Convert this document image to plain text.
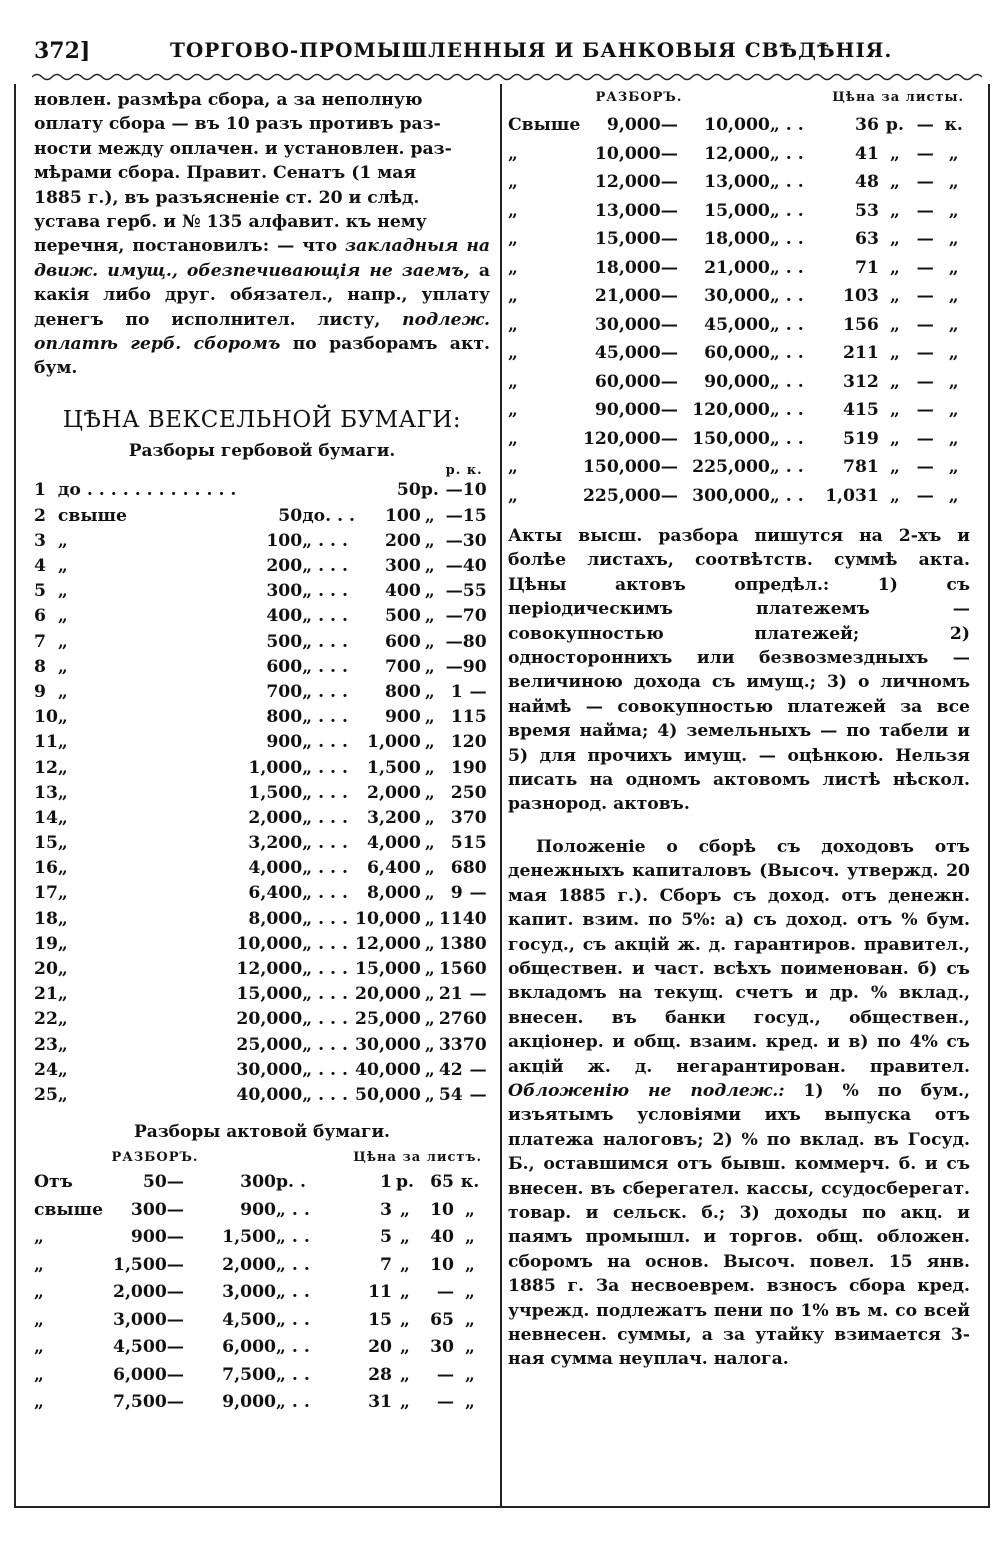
372]	ТОРГОВО-ПРОМЫШЛЕННЫЯ И БАНКОВЫЯ СВѢДѢНІЯ.
новлен. размѣра сбора, а за неполную
оплату сбора — въ 10 разъ противъ раз-
ности между оплачен. и установлен. раз-
мѣрами сбора. Правит. Сенатъ (1 мая
1885 г.), въ разъясненіе ст. 20 и слѣд.
устава герб. и № 135 алфавит. къ нему
перечня, постановилъ: — что закладныя на движ. имущ., обезпечивающія не заемъ, а какія либо друг. обязател., напр., уплату денегъ по исполнител. листу, подлеж. оплатѣ герб. сборомъ по разборамъ акт. бум.
ЦѢНА ВЕКСЕЛЬНОЙ БУМАГИ:
Разборы гербовой бумаги.
						р. к.	
1	до . . . . . . . . . . . . .			50	р.	—	10
2	свыше	50	до. . .	100	„	—	15
3	„	100	„ . . .	200	„	—	30
4	„	200	„ . . .	300	„	—	40
5	„	300	„ . . .	400	„	—	55
6	„	400	„ . . .	500	„	—	70
7	„	500	„ . . .	600	„	—	80
8	„	600	„ . . .	700	„	—	90
9	„	700	„ . . .	800	„	1	—
10	„	800	„ . . .	900	„	1	15
11	„	900	„ . . .	1,000	„	1	20
12	„	1,000	„ . . .	1,500	„	1	90
13	„	1,500	„ . . .	2,000	„	2	50
14	„	2,000	„ . . .	3,200	„	3	70
15	„	3,200	„ . . .	4,000	„	5	15
16	„	4,000	„ . . .	6,400	„	6	80
17	„	6,400	„ . . .	8,000	„	9	—
18	„	8,000	„ . . .	10,000	„	11	40
19	„	10,000	„ . . .	12,000	„	13	80
20	„	12,000	„ . . .	15,000	„	15	60
21	„	15,000	„ . . .	20,000	„	21	—
22	„	20,000	„ . . .	25,000	„	27	60
23	„	25,000	„ . . .	30,000	„	33	70
24	„	30,000	„ . . .	40,000	„	42	—
25	„	40,000	„ . . .	50,000	„	54	—
Разборы актовой бумаги.
РАЗБОРЪ.			Цѣна за листъ.				
Отъ	50—	300	р. .	1	р.	65	к.
свыше	300—	900	„ . .	3	„	10	„
„	900—	1,500	„ . .	5	„	40	„
„	1,500—	2,000	„ . .	7	„	10	„
„	2,000—	3,000	„ . .	11	„	—	„
„	3,000—	4,500	„ . .	15	„	65	„
„	4,500—	6,000	„ . .	20	„	30	„
„	6,000—	7,500	„ . .	28	„	—	„
„	7,500—	9,000	„ . .	31	„	—	„
РАЗБОРЪ.			Цѣна за листы.				
Свыше	9,000—	10,000	„ . .	36	р.	—	к.
„	10,000—	12,000	„ . .	41	„	—	„
„	12,000—	13,000	„ . .	48	„	—	„
„	13,000—	15,000	„ . .	53	„	—	„
„	15,000—	18,000	„ . .	63	„	—	„
„	18,000—	21,000	„ . .	71	„	—	„
„	21,000—	30,000	„ . .	103	„	—	„
„	30,000—	45,000	„ . .	156	„	—	„
„	45,000—	60,000	„ . .	211	„	—	„
„	60,000—	90,000	„ . .	312	„	—	„
„	90,000—	120,000	„ . .	415	„	—	„
„	120,000—	150,000	„ . .	519	„	—	„
„	150,000—	225,000	„ . .	781	„	—	„
„	225,000—	300,000	„ . .	1,031	„	—	„

Акты высш. разбора пишутся на 2-хъ и болѣе листахъ, соотвѣтств. суммѣ акта. Цѣны актовъ опредѣл.: 1) съ періодическимъ платежемъ — совокупностью платежей; 2) одностороннихъ или безвозмездныхъ — величиною дохода съ имущ.; 3) о личномъ наймѣ — совокупностью платежей за все время найма; 4) земельныхъ — по табели и 5) для прочихъ имущ. — оцѣнкою. Нельзя писать на одномъ актовомъ листѣ нѣскол. разнород. актовъ.

Положеніе о сборѣ съ доходовъ отъ денежныхъ капиталовъ (Высоч. утвержд. 20 мая 1885 г.). Сборъ съ доход. отъ денежн. капит. взим. по 5%: а) съ доход. отъ % бум. госуд., съ акцій ж. д. гарантиров. правител., обществен. и част. всѣхъ поименован. б) съ вкладомъ на текущ. счетъ и др. % вклад., внесен. въ банки госуд., обществен., акціонер. и общ. взаим. кред. и в) по 4% съ акцій ж. д. негарантирован. правител. Обложенію не подлеж.: 1) % по бум., изъятымъ условіями ихъ выпуска отъ платежа налоговъ; 2) % по вклад. въ Госуд. Б., оставшимся отъ бывш. коммерч. б. и съ внесен. въ сберегател. кассы, ссудосберегат. товар. и сельск. б.; 3) доходы по акц. и паямъ промышл. и торгов. общ. обложен. сборомъ на основ. Высоч. повел. 15 янв. 1885 г. За несвоеврем. взносъ сбора кред. учрежд. подлежатъ пени по 1% въ м. со всей невнесен. суммы, а за утайку взимается 3-ная сумма неуплач. налога.
